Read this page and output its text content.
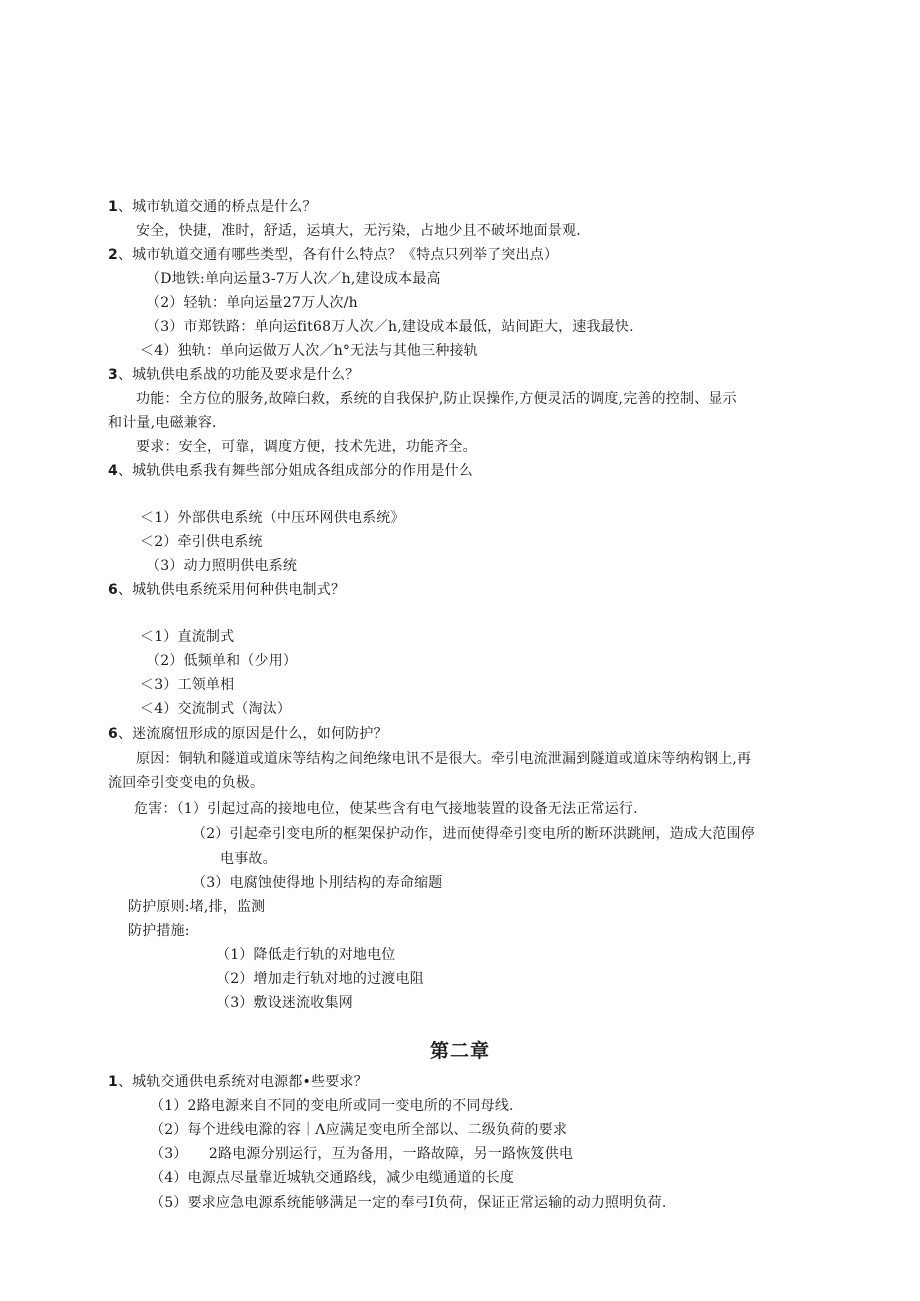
1、城市轨道交通的桥点是什么？
安全，快捷，准时，舒适，运填大，无污染，占地少且不破坏地面景观.
2、城市轨道交通有哪些类型，各有什么特点？《特点只列举了突出点）
（D地铁:单向运量3-7万人次／h,建设成本最高
（2）轻轨：单向运量27万人次/h
（3）市郑铁路：单向运fit68万人次／h,建设成本最低，站间距大，速我最快.
＜4）独轨：单向运做万人次／h°无法与其他三种接轨
3、城轨供电系战的功能及要求是什么？
功能：全方位的服务,故障臼救，系统的自我保护,防止误操作,方便灵活的调度,完善的控制、显示
和计量,电磁兼容.
要求：安全，可靠，调度方便，技术先进，功能齐全。
4、城轨供电系我有舞些部分姐成各组成部分的作用是什么
＜1）外部供电系统（中压环网供电系统》
＜2）牵引供电系统
（3）动力照明供电系统
6、城轨供电系统采用何种供电制式？
＜1）直流制式
（2）低频单和（少用）
＜3）工领单相
＜4）交流制式（淘汰）
6、迷流腐忸形成的原因是什么，如何防护？
原因：铜轨和隧道或道床等结构之间绝缘电讯不是很大。牵引电流泄漏到隧道或道床等纳构钢上,再
流回牵引变变电的负极。
危害：（1）引起过高的接地电位，使某些含有电气接地装置的设备无法正常运行.
（2）引起牵引变电所的框架保护动作，进而使得牵引变电所的断环洪跳闸，造成大范围停
电事故。
（3）电腐蚀使得地卜刖结构的寿命缩题
防护原则:堵,排，监测
防护措施:
（1）降低走行轨的对地电位
（2）增加走行轨对地的过渡电阻
（3）敷设迷流收集网
第二章
1、城轨交通供电系统对电源都•些要求？
（1）2路电源来自不同的变电所或同一变电所的不同母线.
（2）每个进线电滁的容｜Λ应满足变电所全部以、二级负荷的要求
（3）　　2路电源分别运行，互为备用，一路故障，另一路恢笈供电
（4）电源点尽量靠近城轨交通路线，减少电缆通道的长度
（5）要求应急电源系统能够满足一定的奉弓I负荷，保证正常运输的动力照明负荷.
